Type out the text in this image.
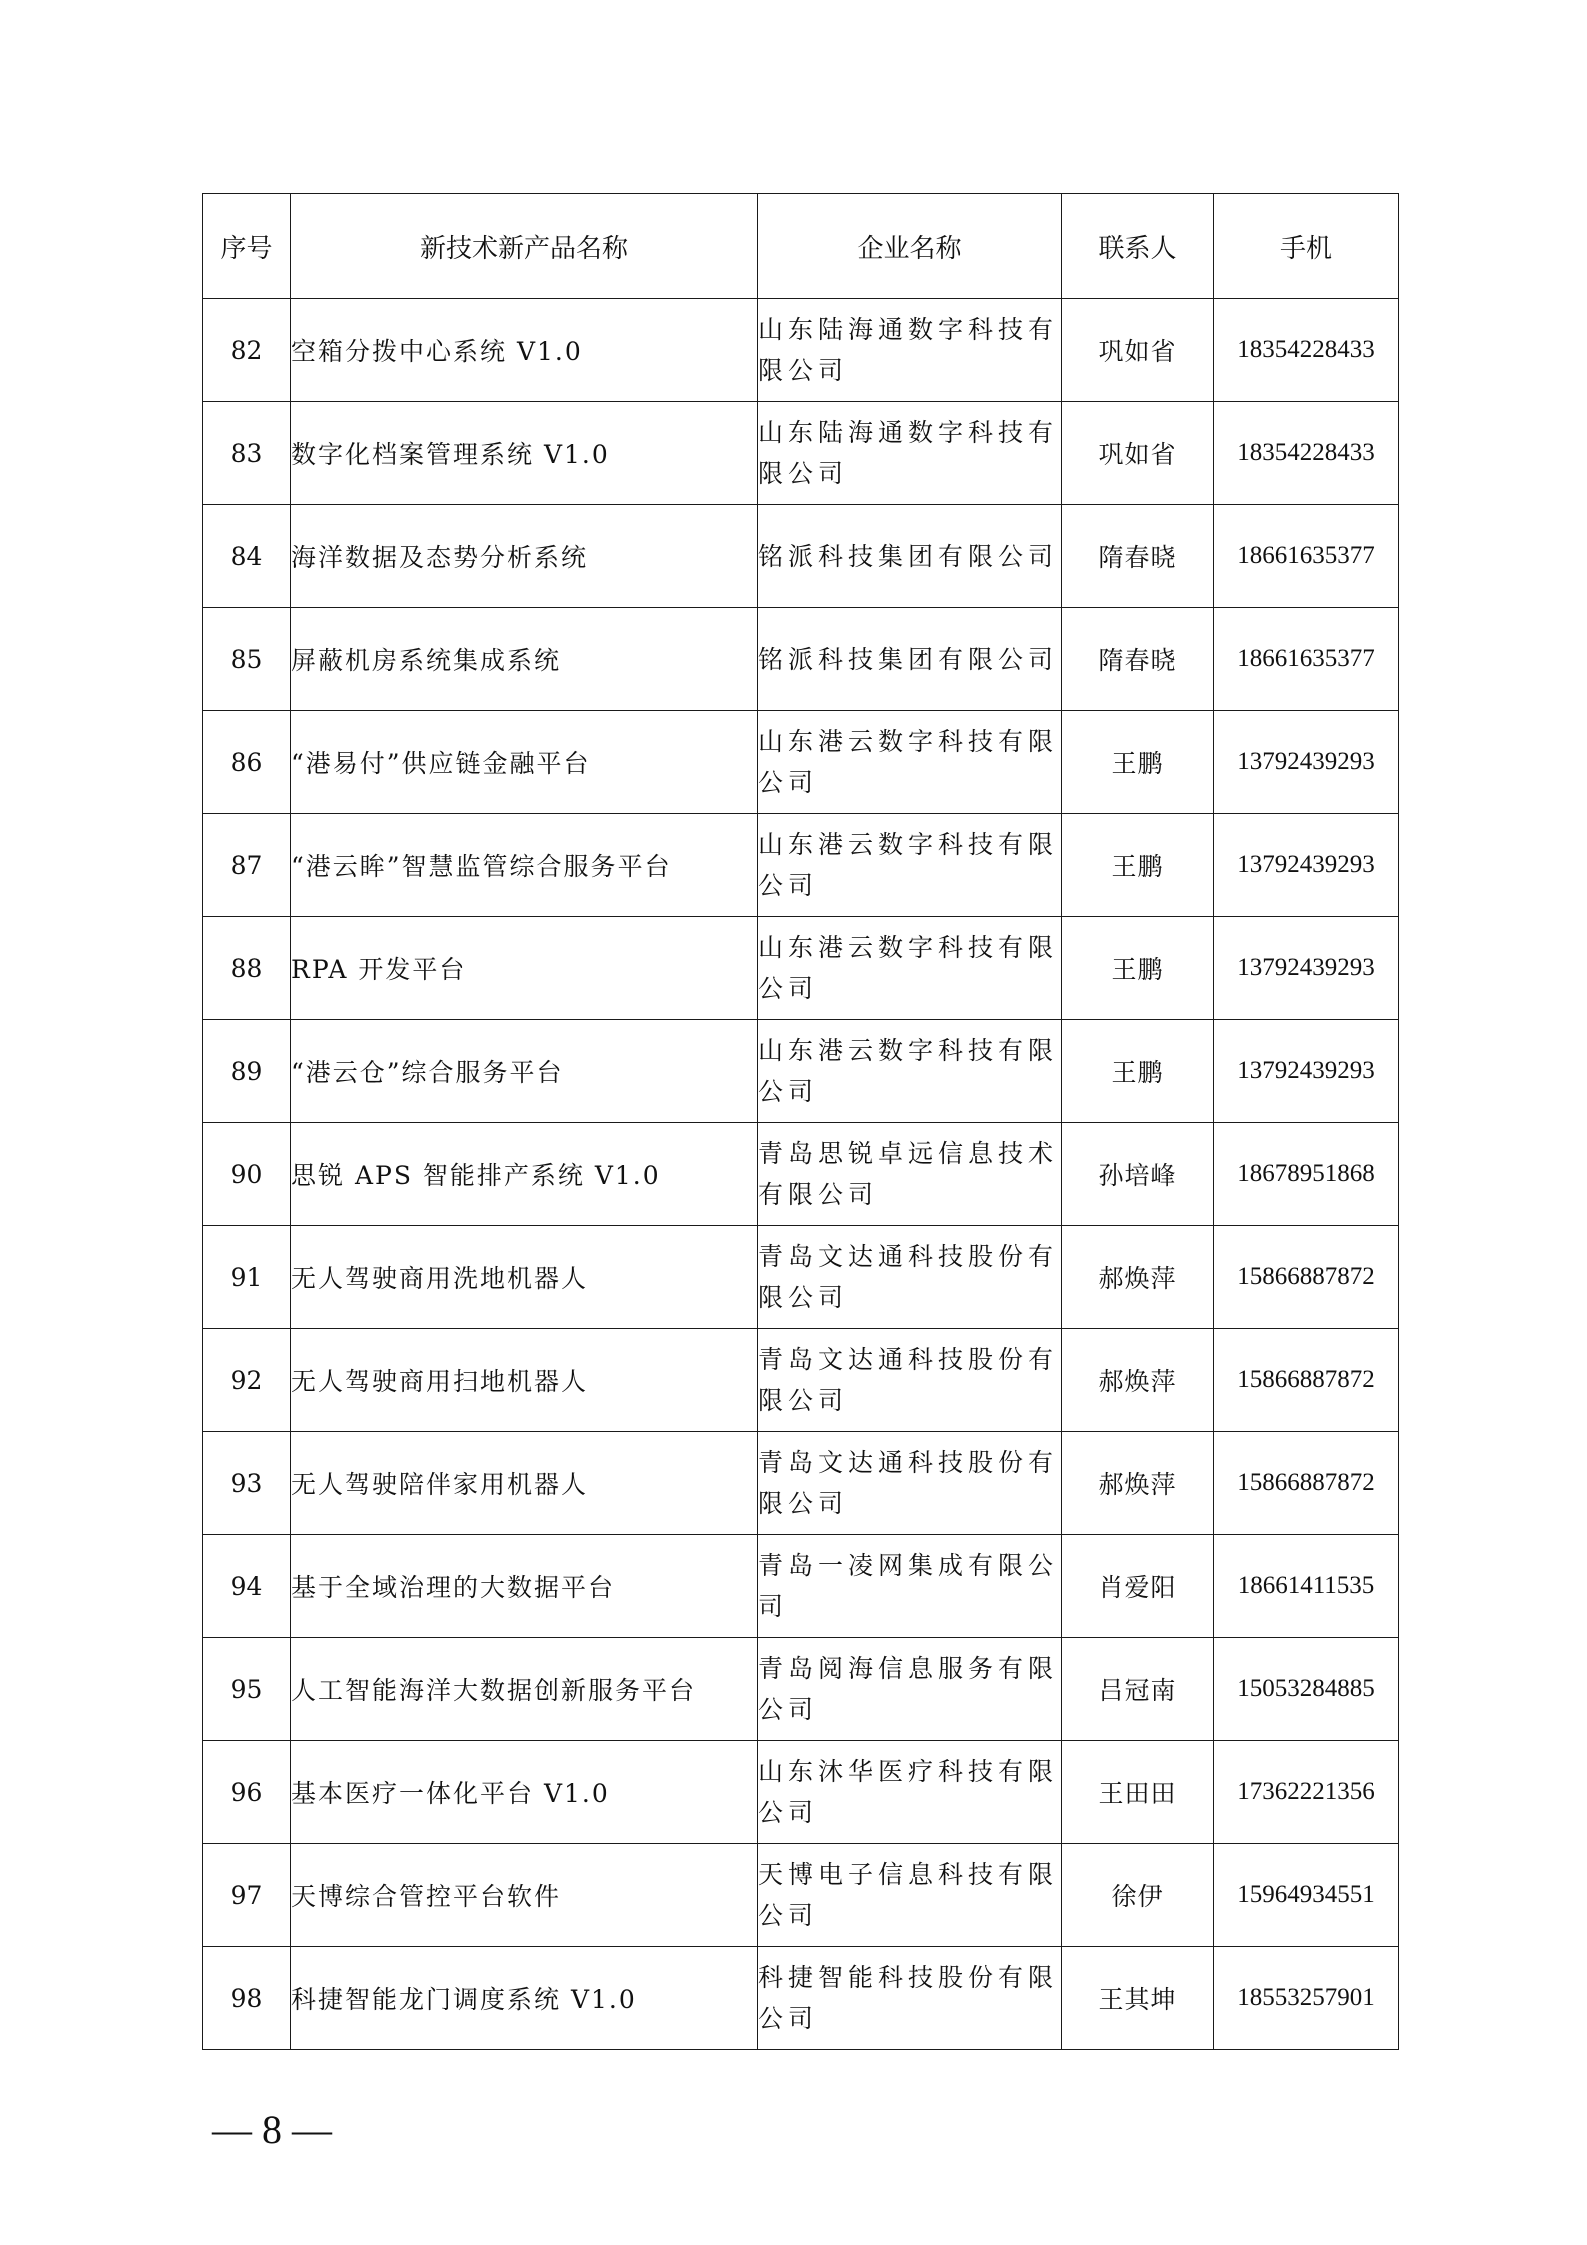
序号	新技术新产品名称	企业名称	联系人	手机
82	空箱分拨中心系统 V1.0	山东陆海通数字科技有限公司	巩如省	18354228433
83	数字化档案管理系统 V1.0	山东陆海通数字科技有限公司	巩如省	18354228433
84	海洋数据及态势分析系统	铭派科技集团有限公司	隋春晓	18661635377
85	屏蔽机房系统集成系统	铭派科技集团有限公司	隋春晓	18661635377
86	“港易付”供应链金融平台	山东港云数字科技有限公司	王鹏	13792439293
87	“港云眸”智慧监管综合服务平台	山东港云数字科技有限公司	王鹏	13792439293
88	RPA 开发平台	山东港云数字科技有限公司	王鹏	13792439293
89	“港云仓”综合服务平台	山东港云数字科技有限公司	王鹏	13792439293
90	思锐 APS 智能排产系统 V1.0	青岛思锐卓远信息技术有限公司	孙培峰	18678951868
91	无人驾驶商用洗地机器人	青岛文达通科技股份有限公司	郝焕萍	15866887872
92	无人驾驶商用扫地机器人	青岛文达通科技股份有限公司	郝焕萍	15866887872
93	无人驾驶陪伴家用机器人	青岛文达通科技股份有限公司	郝焕萍	15866887872
94	基于全域治理的大数据平台	青岛一凌网集成有限公司	肖爱阳	18661411535
95	人工智能海洋大数据创新服务平台	青岛阅海信息服务有限公司	吕冠南	15053284885
96	基本医疗一体化平台 V1.0	山东沐华医疗科技有限公司	王田田	17362221356
97	天博综合管控平台软件	天博电子信息科技有限公司	徐伊	15964934551
98	科捷智能龙门调度系统 V1.0	科捷智能科技股份有限公司	王其坤	18553257901
— 8 —
